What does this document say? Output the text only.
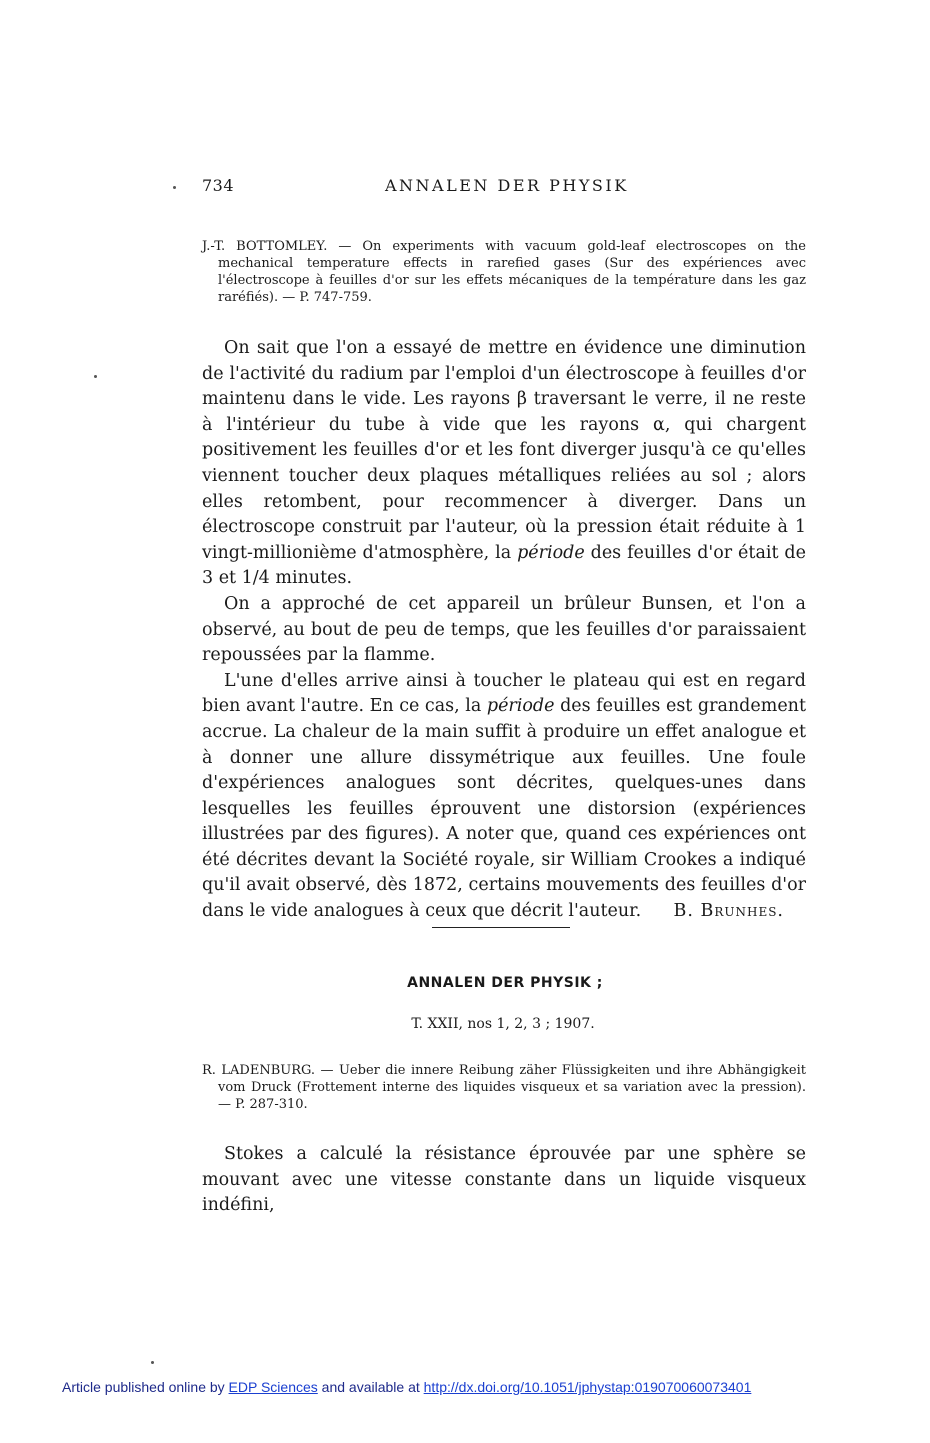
734	ANNALEN DER PHYSIK
J.-T. BOTTOMLEY. — On experiments with vacuum gold-leaf electroscopes on the mechanical temperature effects in rarefied gases (Sur des expériences avec l'électroscope à feuilles d'or sur les effets mécaniques de la température dans les gaz raréfiés). — P. 747-759.

On sait que l'on a essayé de mettre en évidence une diminution de l'activité du radium par l'emploi d'un électroscope à feuilles d'or maintenu dans le vide. Les rayons β traversant le verre, il ne reste à l'intérieur du tube à vide que les rayons α, qui chargent positivement les feuilles d'or et les font diverger jusqu'à ce qu'elles viennent toucher deux plaques métalliques reliées au sol ; alors elles retombent, pour recommencer à diverger. Dans un électroscope construit par l'auteur, où la pression était réduite à 1 vingt-millionième d'atmosphère, la période des feuilles d'or était de 3 et 1/4 minutes.

On a approché de cet appareil un brûleur Bunsen, et l'on a observé, au bout de peu de temps, que les feuilles d'or paraissaient repoussées par la flamme.

L'une d'elles arrive ainsi à toucher le plateau qui est en regard bien avant l'autre. En ce cas, la période des feuilles est grandement accrue. La chaleur de la main suffit à produire un effet analogue et à donner une allure dissymétrique aux feuilles. Une foule d'expériences analogues sont décrites, quelques-unes dans lesquelles les feuilles éprouvent une distorsion (expériences illustrées par des figures). A noter que, quand ces expériences ont été décrites devant la Société royale, sir William Crookes a indiqué qu'il avait observé, dès 1872, certains mouvements des feuilles d'or dans le vide analogues à ceux que décrit l'auteur.	B. Brunhes.

ANNALEN DER PHYSIK ;
T. XXII, nos 1, 2, 3 ; 1907.
R. LADENBURG. — Ueber die innere Reibung zäher Flüssigkeiten und ihre Abhängigkeit vom Druck (Frottement interne des liquides visqueux et sa variation avec la pression). — P. 287-310.

Stokes a calculé la résistance éprouvée par une sphère se mouvant avec une vitesse constante dans un liquide visqueux indéfini,

Article published online by EDP Sciences and available at http://dx.doi.org/10.1051/jphystap:019070060073401
